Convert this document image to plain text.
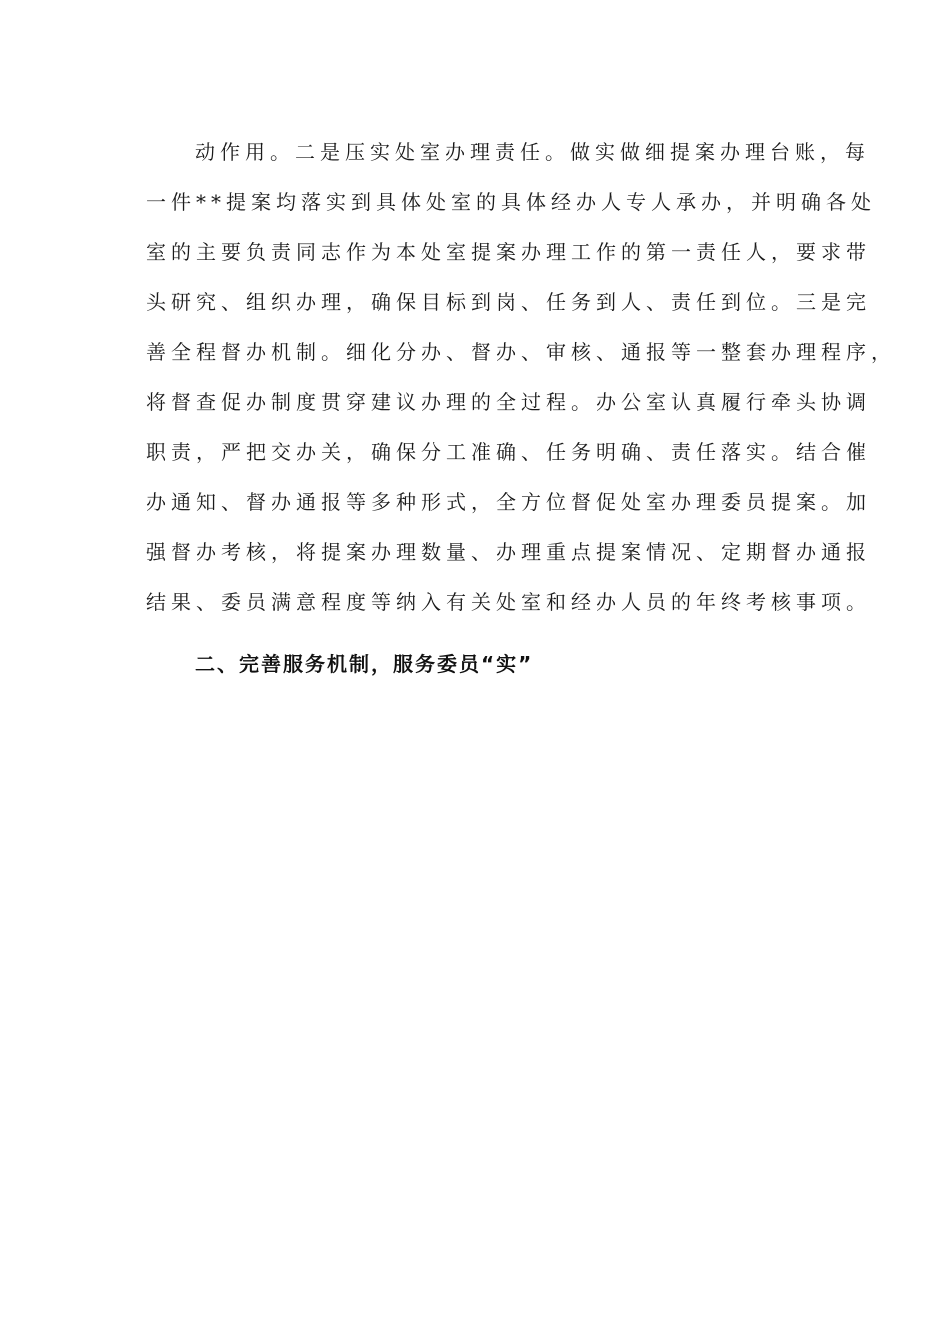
动作用。二是压实处室办理责任。做实做细提案办理台账，每

一件**提案均落实到具体处室的具体经办人专人承办，并明确各处

室的主要负责同志作为本处室提案办理工作的第一责任人，要求带

头研究、组织办理，确保目标到岗、任务到人、责任到位。三是完

善全程督办机制。细化分办、督办、审核、通报等一整套办理程序，

将督查促办制度贯穿建议办理的全过程。办公室认真履行牵头协调

职责，严把交办关，确保分工准确、任务明确、责任落实。结合催

办通知、督办通报等多种形式，全方位督促处室办理委员提案。加

强督办考核，将提案办理数量、办理重点提案情况、定期督办通报

结果、委员满意程度等纳入有关处室和经办人员的年终考核事项。

二、完善服务机制，服务委员“实”
